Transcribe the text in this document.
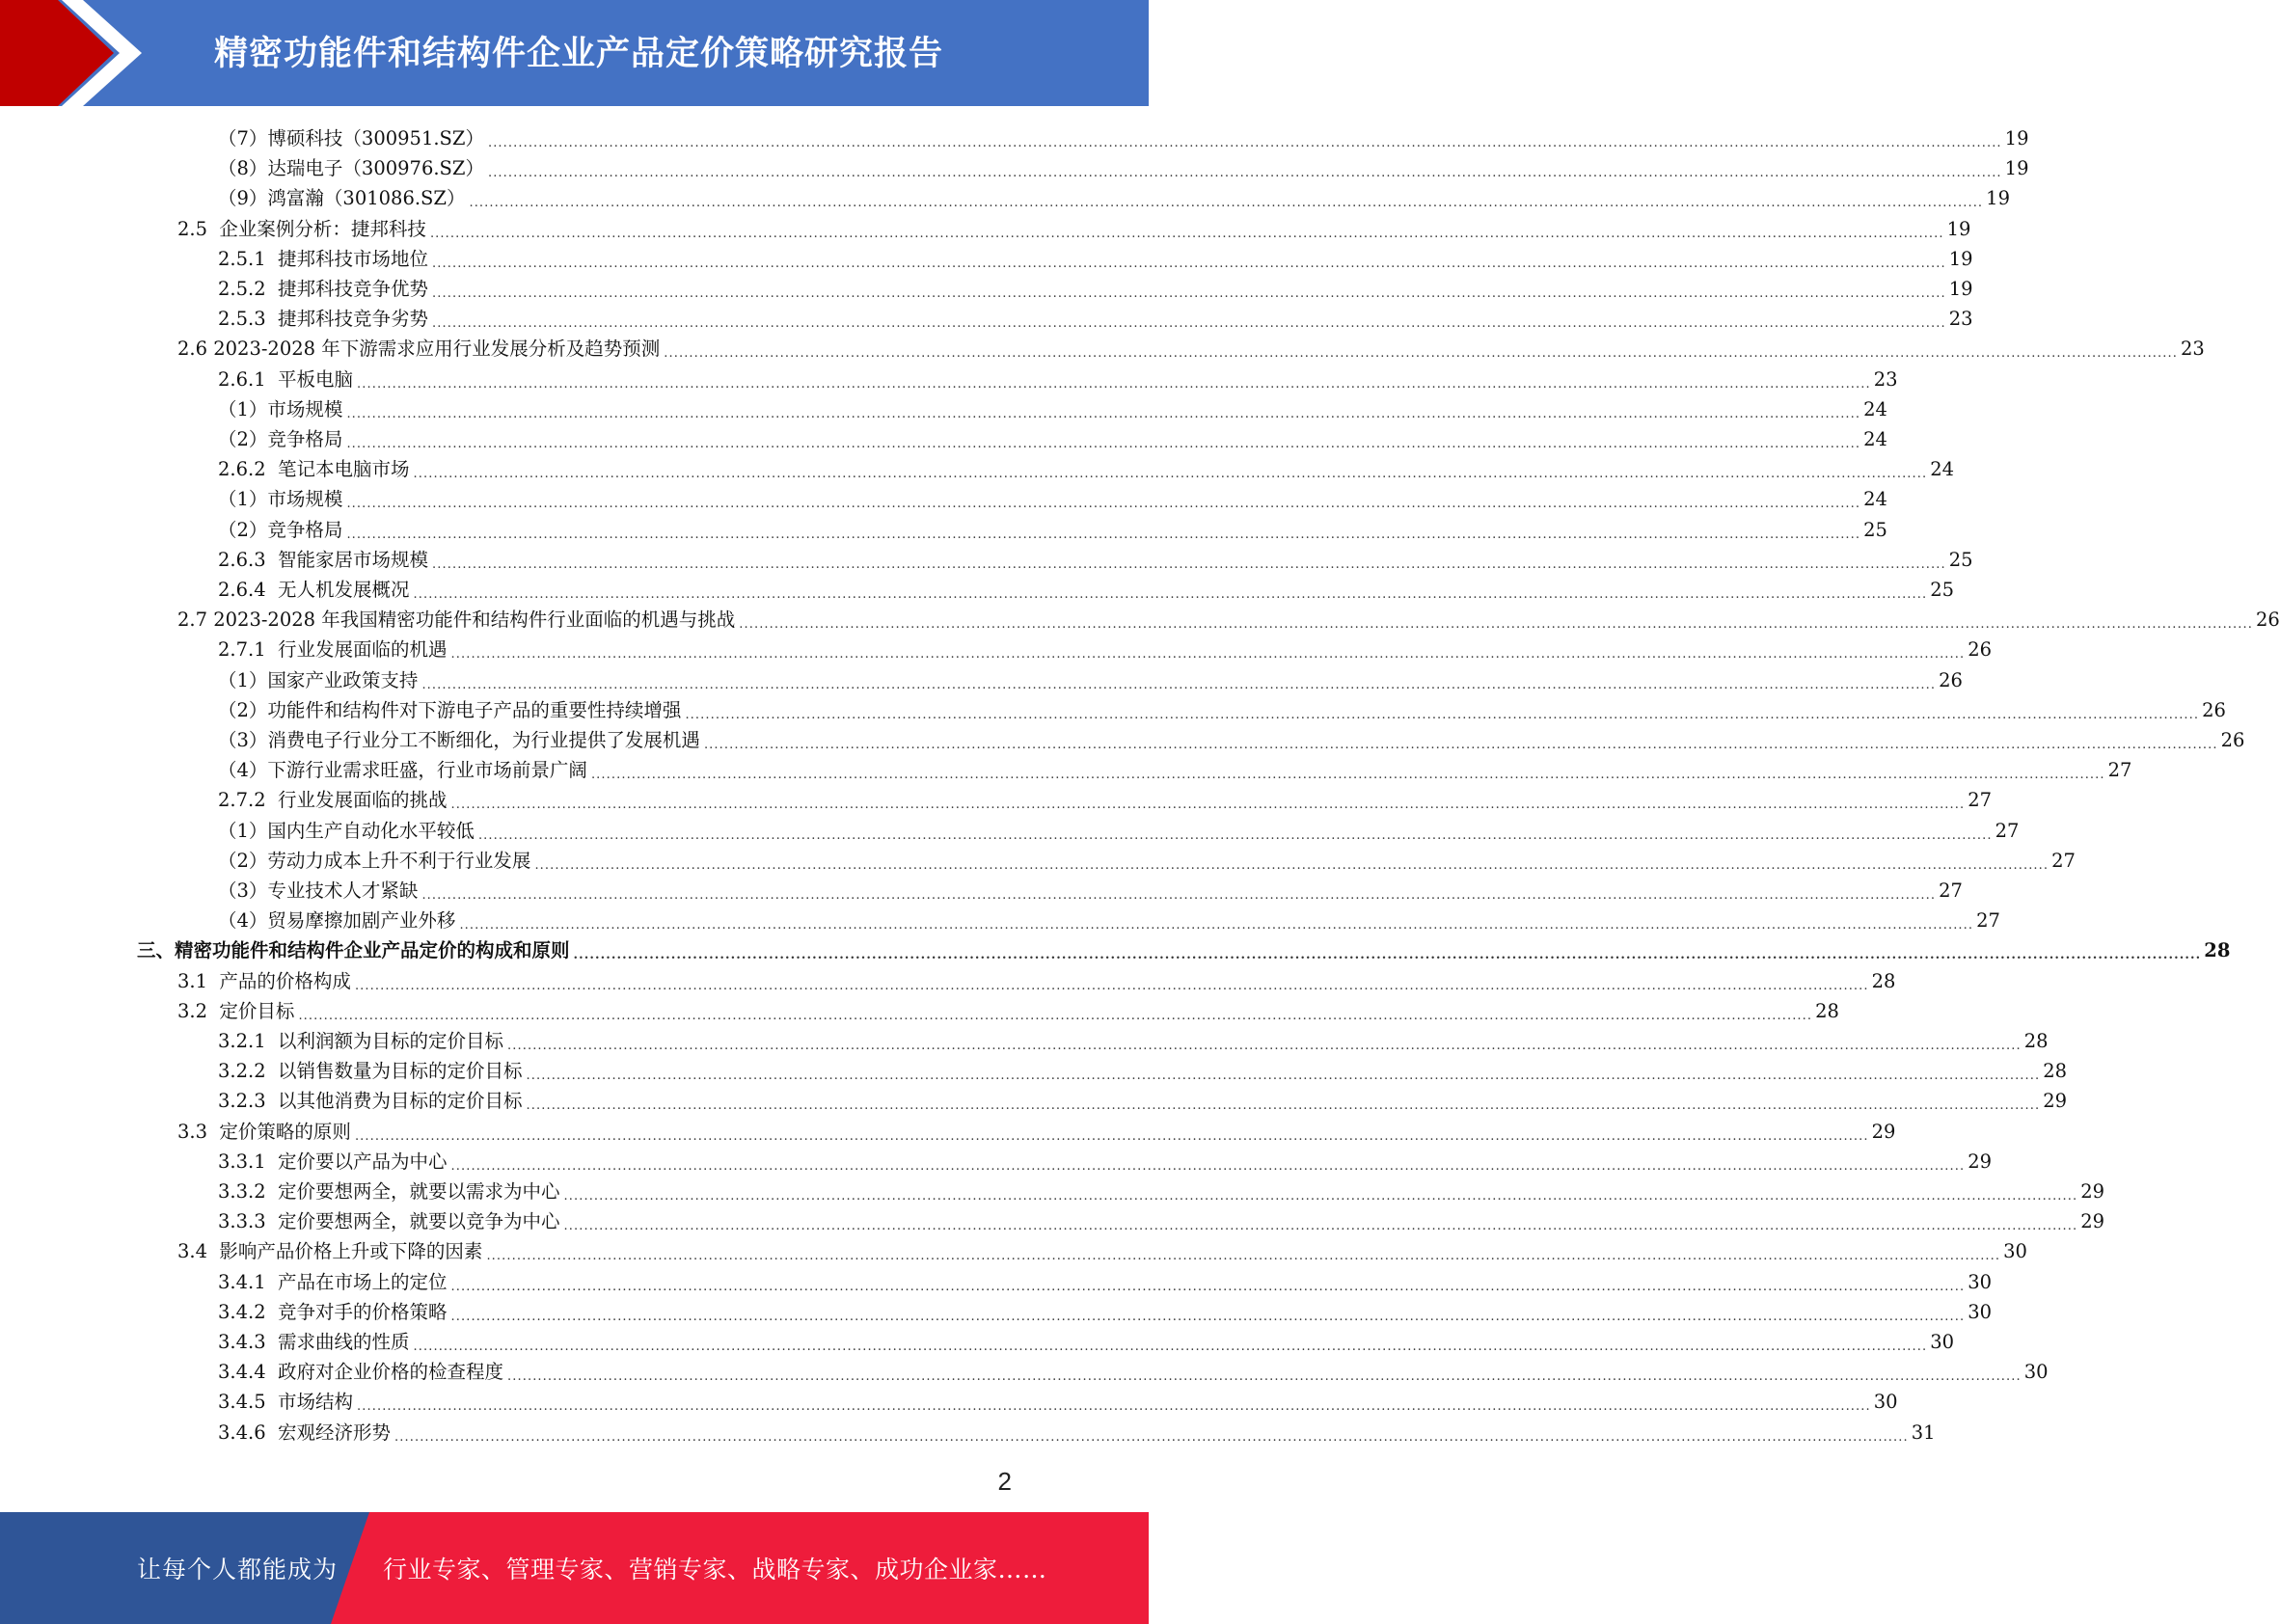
精密功能件和结构件企业产品定价策略研究报告
（7） 博硕科技（300951.SZ） ............................................................................................................................................................................................................................................................................................................ 19
（8） 达瑞电子（300976.SZ） ............................................................................................................................................................................................................................................................................................................ 19
（9） 鸿富瀚（301086.SZ） ............................................................................................................................................................................................................................................................................................................ 19
2.5 企业案例分析：捷邦科技 ............................................................................................................................................................................................................................................................................................................ 19
2.5.1 捷邦科技市场地位 ............................................................................................................................................................................................................................................................................................................ 19
2.5.2 捷邦科技竞争优势 ............................................................................................................................................................................................................................................................................................................ 19
2.5.3 捷邦科技竞争劣势 ............................................................................................................................................................................................................................................................................................................ 23
2.6 2023-2028 年下游需求应用行业发展分析及趋势预测 ............................................................................................................................................................................................................................................................................................................ 23
2.6.1 平板电脑 ............................................................................................................................................................................................................................................................................................................ 23
（1） 市场规模 ............................................................................................................................................................................................................................................................................................................ 24
（2） 竞争格局 ............................................................................................................................................................................................................................................................................................................ 24
2.6.2 笔记本电脑市场 ............................................................................................................................................................................................................................................................................................................ 24
（1） 市场规模 ............................................................................................................................................................................................................................................................................................................ 24
（2） 竞争格局 ............................................................................................................................................................................................................................................................................................................ 25
2.6.3 智能家居市场规模 ............................................................................................................................................................................................................................................................................................................ 25
2.6.4 无人机发展概况 ............................................................................................................................................................................................................................................................................................................ 25
2.7 2023-2028 年我国精密功能件和结构件行业面临的机遇与挑战 ............................................................................................................................................................................................................................................................................................................ 26
2.7.1 行业发展面临的机遇 ............................................................................................................................................................................................................................................................................................................ 26
（1） 国家产业政策支持 ............................................................................................................................................................................................................................................................................................................ 26
（2） 功能件和结构件对下游电子产品的重要性持续增强 ............................................................................................................................................................................................................................................................................................................ 26
（3） 消费电子行业分工不断细化，为行业提供了发展机遇 ............................................................................................................................................................................................................................................................................................................ 26
（4） 下游行业需求旺盛，行业市场前景广阔 ............................................................................................................................................................................................................................................................................................................ 27
2.7.2 行业发展面临的挑战 ............................................................................................................................................................................................................................................................................................................ 27
（1） 国内生产自动化水平较低 ............................................................................................................................................................................................................................................................................................................ 27
（2） 劳动力成本上升不利于行业发展 ............................................................................................................................................................................................................................................................................................................ 27
（3） 专业技术人才紧缺 ............................................................................................................................................................................................................................................................................................................ 27
（4） 贸易摩擦加剧产业外移 ............................................................................................................................................................................................................................................................................................................ 27
三、 精密功能件和结构件企业产品定价的构成和原则 ............................................................................................................................................................................................................................................................................................................ 28
3.1 产品的价格构成 ............................................................................................................................................................................................................................................................................................................ 28
3.2 定价目标 ............................................................................................................................................................................................................................................................................................................ 28
3.2.1 以利润额为目标的定价目标 ............................................................................................................................................................................................................................................................................................................ 28
3.2.2 以销售数量为目标的定价目标 ............................................................................................................................................................................................................................................................................................................ 28
3.2.3 以其他消费为目标的定价目标 ............................................................................................................................................................................................................................................................................................................ 29
3.3 定价策略的原则 ............................................................................................................................................................................................................................................................................................................ 29
3.3.1 定价要以产品为中心 ............................................................................................................................................................................................................................................................................................................ 29
3.3.2 定价要想两全，就要以需求为中心 ............................................................................................................................................................................................................................................................................................................ 29
3.3.3 定价要想两全，就要以竞争为中心 ............................................................................................................................................................................................................................................................................................................ 29
3.4 影响产品价格上升或下降的因素 ............................................................................................................................................................................................................................................................................................................ 30
3.4.1 产品在市场上的定位 ............................................................................................................................................................................................................................................................................................................ 30
3.4.2 竞争对手的价格策略 ............................................................................................................................................................................................................................................................................................................ 30
3.4.3 需求曲线的性质 ............................................................................................................................................................................................................................................................................................................ 30
3.4.4 政府对企业价格的检查程度 ............................................................................................................................................................................................................................................................................................................ 30
3.4.5 市场结构 ............................................................................................................................................................................................................................................................................................................ 30
3.4.6 宏观经济形势 ............................................................................................................................................................................................................................................................................................................ 31
2
让每个人都能成为 行业专家、管理专家、营销专家、战略专家、成功企业家……
